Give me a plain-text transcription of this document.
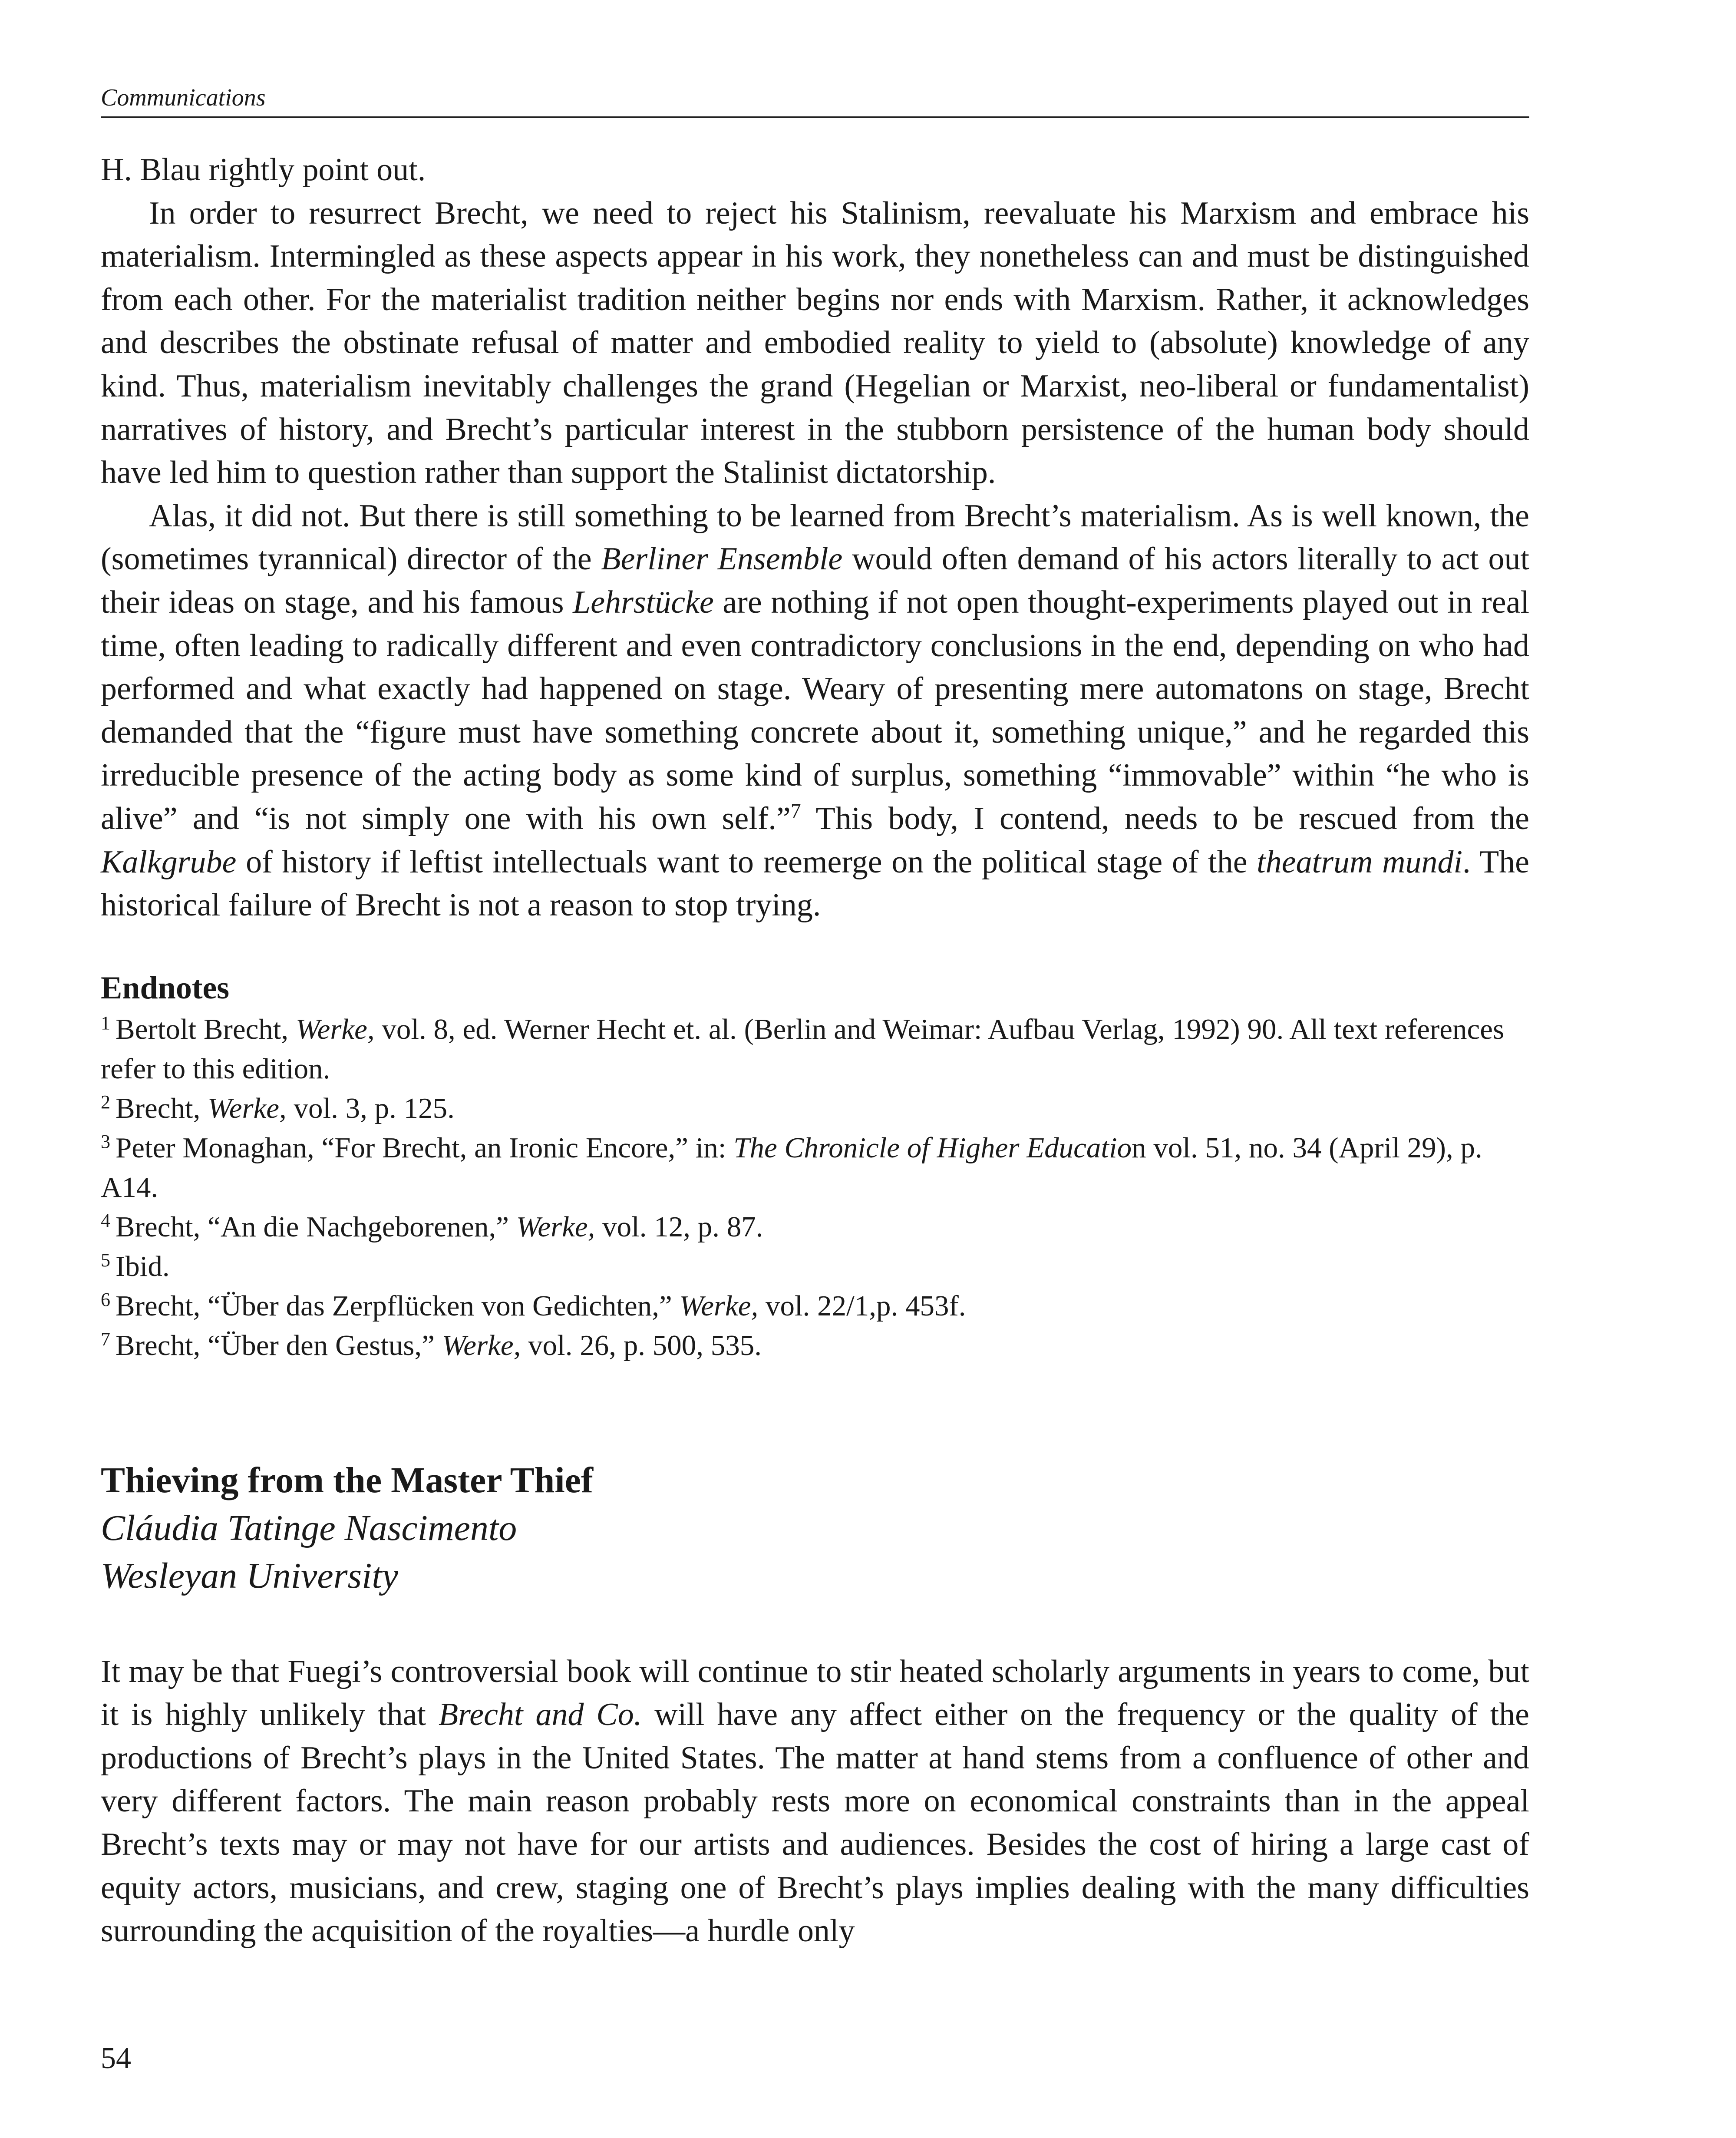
Communications

H. Blau rightly point out.

In order to resurrect Brecht, we need to reject his Stalinism, reevaluate his Marxism and embrace his materialism. Intermingled as these aspects appear in his work, they nonetheless can and must be distinguished from each other. For the materialist tradition neither begins nor ends with Marxism. Rather, it acknowledges and describes the obstinate refusal of matter and embodied reality to yield to (absolute) knowledge of any kind. Thus, materialism inevitably challenges the grand (Hegelian or Marxist, neo-liberal or fundamentalist) narratives of history, and Brecht’s particular interest in the stubborn persistence of the human body should have led him to question rather than support the Stalinist dictatorship.

Alas, it did not. But there is still something to be learned from Brecht’s materialism. As is well known, the (sometimes tyrannical) director of the Berliner Ensemble would often demand of his actors literally to act out their ideas on stage, and his famous Lehrstücke are nothing if not open thought-experiments played out in real time, often leading to radically different and even contradictory conclusions in the end, depending on who had performed and what exactly had happened on stage. Weary of presenting mere automatons on stage, Brecht demanded that the “figure must have something concrete about it, something unique,” and he regarded this irreducible presence of the acting body as some kind of surplus, something “immovable” within “he who is alive” and “is not simply one with his own self.”$^7$ This body, I contend, needs to be rescued from the Kalkgrube of history if leftist intellectuals want to reemerge on the political stage of the theatrum mundi. The historical failure of Brecht is not a reason to stop trying.

Endnotes

$^1$ Bertolt Brecht, Werke, vol. 8, ed. Werner Hecht et. al. (Berlin and Weimar: Aufbau Verlag, 1992) 90. All text references refer to this edition.

$^2$ Brecht, Werke, vol. 3, p. 125.

$^3$ Peter Monaghan, “For Brecht, an Ironic Encore,” in: The Chronicle of Higher Education vol. 51, no. 34 (April 29), p. A14.

$^4$ Brecht, “An die Nachgeborenen,” Werke, vol. 12, p. 87.

$^5$ Ibid.

$^6$ Brecht, “Über das Zerpflücken von Gedichten,” Werke, vol. 22/1,p. 453f.

$^7$ Brecht, “Über den Gestus,” Werke, vol. 26, p. 500, 535.

Thieving from the Master Thief
Cláudia Tatinge Nascimento
Wesleyan University

It may be that Fuegi’s controversial book will continue to stir heated scholarly arguments in years to come, but it is highly unlikely that Brecht and Co. will have any affect either on the frequency or the quality of the productions of Brecht’s plays in the United States. The matter at hand stems from a confluence of other and very different factors. The main reason probably rests more on economical constraints than in the appeal Brecht’s texts may or may not have for our artists and audiences. Besides the cost of hiring a large cast of equity actors, musicians, and crew, staging one of Brecht’s plays implies dealing with the many difficulties surrounding the acquisition of the royalties—a hurdle only

54
